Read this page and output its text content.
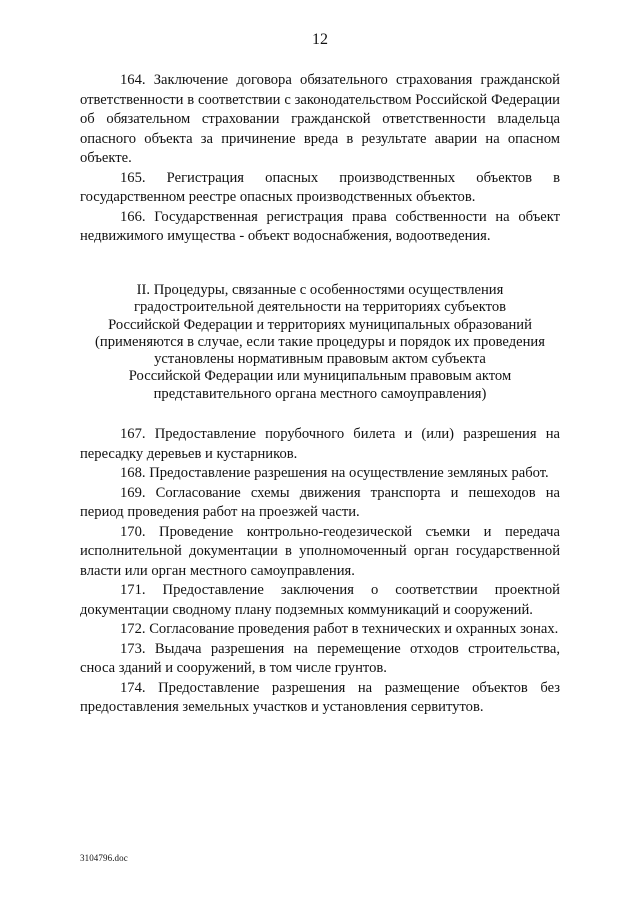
12

164. Заключение договора обязательного страхования гражданской ответственности в соответствии с законодательством Российской Федерации об обязательном страховании гражданской ответственности владельца опасного объекта за причинение вреда в результате аварии на опасном объекте.

165. Регистрация опасных производственных объектов в государственном реестре опасных производственных объектов.

166. Государственная регистрация права собственности на объект недвижимого имущества - объект водоснабжения, водоотведения.

II. Процедуры, связанные с особенностями осуществления
градостроительной деятельности на территориях субъектов
Российской Федерации и территориях муниципальных образований
(применяются в случае, если такие процедуры и порядок их проведения
установлены нормативным правовым актом субъекта
Российской Федерации или муниципальным правовым актом
представительного органа местного самоуправления)

167. Предоставление порубочного билета и (или) разрешения на пересадку деревьев и кустарников.

168. Предоставление разрешения на осуществление земляных работ.

169. Согласование схемы движения транспорта и пешеходов на период проведения работ на проезжей части.

170. Проведение контрольно-геодезической съемки и передача исполнительной документации в уполномоченный орган государственной власти или орган местного самоуправления.

171. Предоставление заключения о соответствии проектной документации сводному плану подземных коммуникаций и сооружений.

172. Согласование проведения работ в технических и охранных зонах.

173. Выдача разрешения на перемещение отходов строительства, сноса зданий и сооружений, в том числе грунтов.

174. Предоставление разрешения на размещение объектов без предоставления земельных участков и установления сервитутов.

3104796.doc
